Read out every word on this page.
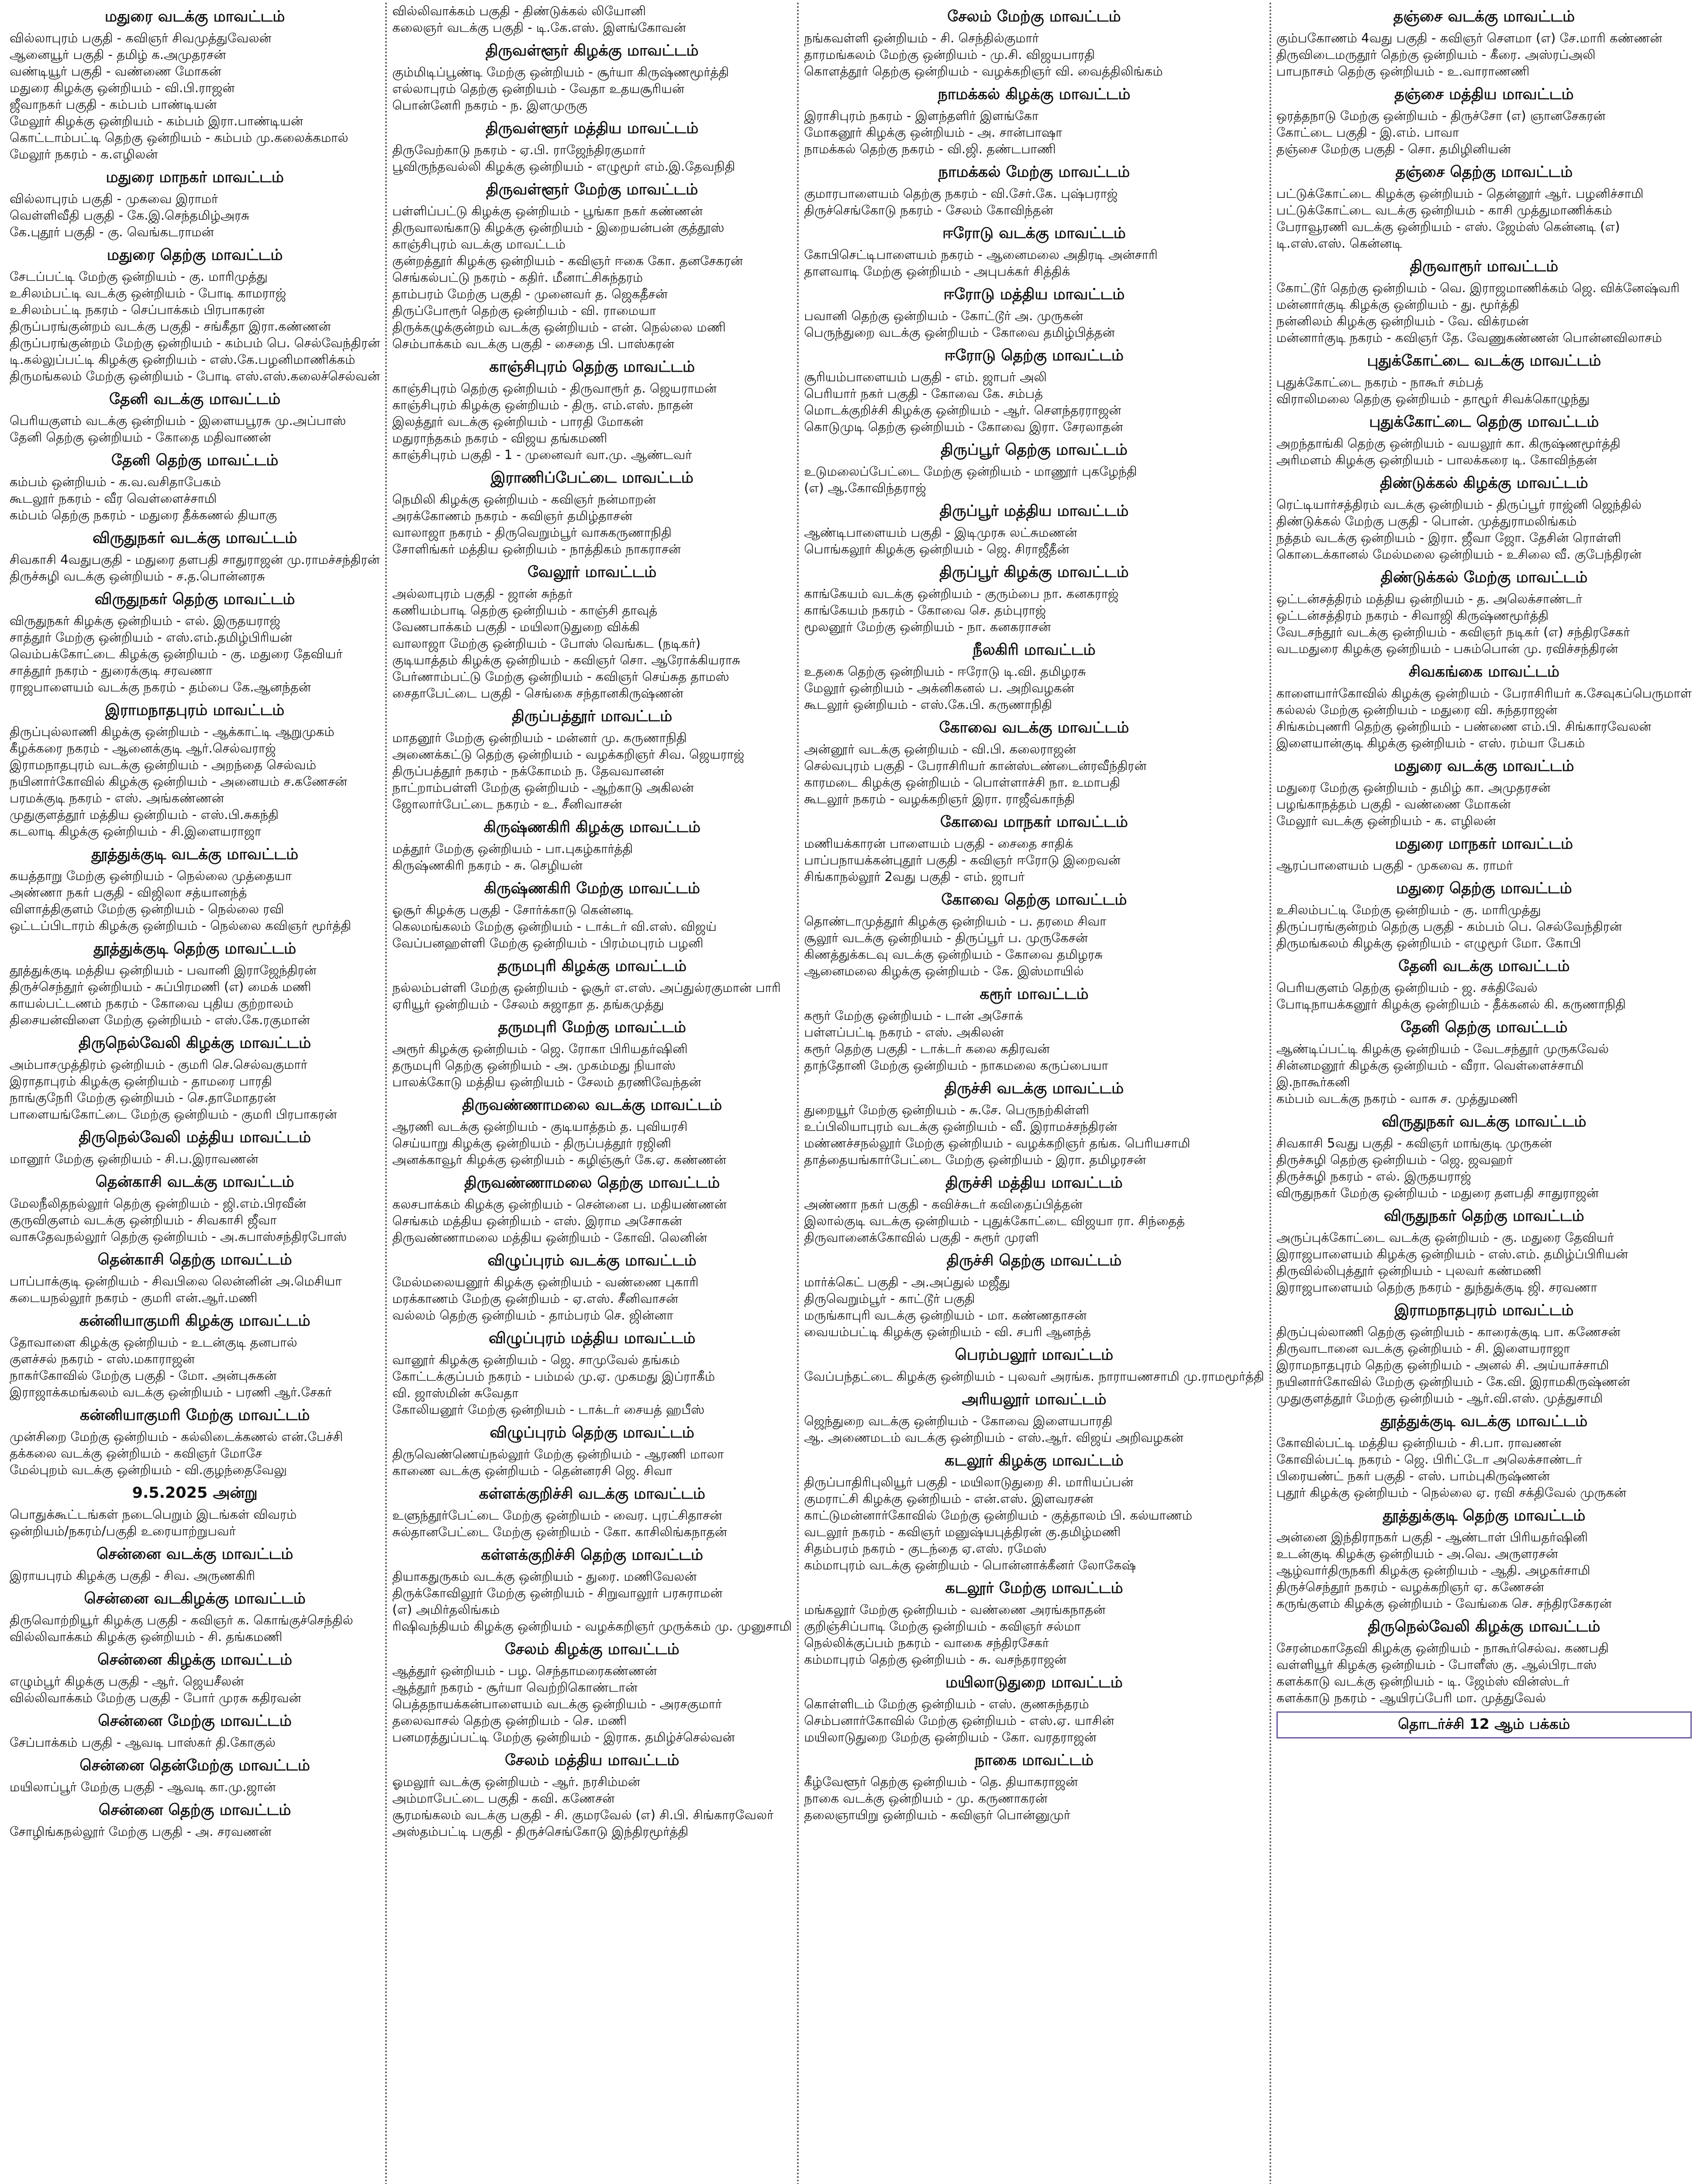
மதுரை வடக்கு மாவட்டம்
வில்லாபுரம் பகுதி - கவிஞர் சிவமுத்துவேலன்
ஆனையூர் பகுதி - தமிழ் க.அமுதரசன்
வண்டியூர் பகுதி - வண்ணை மோகன்
மதுரை கிழக்கு ஒன்றியம் - வி.பி.ராஜன்
ஜீவாநகர் பகுதி - கம்பம் பாண்டியன்
மேலூர் கிழக்கு ஒன்றியம் - கம்பம் இரா.பாண்டியன்
கொட்டாம்பட்டி தெற்கு ஒன்றியம் - கம்பம் மு.கலைக்கமால்
மேலூர் நகரம் - க.எழிலன்
மதுரை மாநகர் மாவட்டம்
வில்லாபுரம் பகுதி - முகவை இராமர்
வெள்ளிவீதி பகுதி - கே.இ.செந்தமிழ்அரசு
கே.புதூர் பகுதி - கு. வெங்கடராமன்
மதுரை தெற்கு மாவட்டம்
சேடப்பட்டி மேற்கு ஒன்றியம் - கு. மாரிமுத்து
உசிலம்பட்டி வடக்கு ஒன்றியம் - போடி காமராஜ்
உசிலம்பட்டி நகரம் - செப்பாக்கம் பிரபாகரன்
திருப்பரங்குன்றம் வடக்கு பகுதி - சங்கீதா இரா.கண்ணன்
திருப்பரங்குன்றம் மேற்கு ஒன்றியம் - கம்பம் பெ. செல்வேந்திரன்
டி.கல்லுப்பட்டி கிழக்கு ஒன்றியம் - எஸ்.கே.பழனிமாணிக்கம்
திருமங்கலம் மேற்கு ஒன்றியம் - போடி எஸ்.எஸ்.கலைச்செல்வன்
தேனி வடக்கு மாவட்டம்
பெரியகுளம் வடக்கு ஒன்றியம் - இளையபூரசு மு.அப்பாஸ்
தேனி தெற்கு ஒன்றியம் - கோதை மதிவாணன்
தேனி தெற்கு மாவட்டம்
கம்பம் ஒன்றியம் - க.வ.வசிதாபேகம்
கூடலூர் நகரம் - வீர வெள்ளைச்சாமி
கம்பம் தெற்கு நகரம் - மதுரை தீக்கணல் தியாகு
விருதுநகர் வடக்கு மாவட்டம்
சிவகாசி 4வதுபகுதி - மதுரை தளபதி சாதுராஜன் மு.ராமச்சந்திரன்
திருச்சுழி வடக்கு ஒன்றியம் - ச.த.பொன்னரசு
விருதுநகர் தெற்கு மாவட்டம்
விருதுநகர் கிழக்கு ஒன்றியம் - எல். இருதயராஜ்
சாத்தூர் மேற்கு ஒன்றியம் - எஸ்.எம்.தமிழ்பிரியன்
வெம்பக்கோட்டை கிழக்கு ஒன்றியம் - கு. மதுரை தேவியர்
சாத்தூர் நகரம் - துரைக்குடி சரவணா
ராஜபாளையம் வடக்கு நகரம் - தம்பை கே.ஆனந்தன்
இராமநாதபுரம் மாவட்டம்
திருப்புல்லாணி கிழக்கு ஒன்றியம் - ஆக்காட்டி ஆறுமுகம்
கீழக்கரை நகரம் - ஆனைக்குடி ஆர்.செல்வராஜ்
இராமநாதபுரம் வடக்கு ஒன்றியம் - அறந்தை செல்வம்
நயினார்கோவில் கிழக்கு ஒன்றியம் - அனையம் ச.கணேசன்
பரமக்குடி நகரம் - எஸ். அங்கண்ணன்
முதுகுளத்தூர் மத்திய ஒன்றியம் - எஸ்.பி.சுகந்தி
கடலாடி கிழக்கு ஒன்றியம் - சி.இளையராஜா
தூத்துக்குடி வடக்கு மாவட்டம்
கயத்தாறு மேற்கு ஒன்றியம் - நெல்லை முத்தையா
அண்ணா நகர் பகுதி - விஜிலா சத்யானந்த்
விளாத்திகுளம் மேற்கு ஒன்றியம் - நெல்லை ரவி
ஒட்டப்பிடாரம் கிழக்கு ஒன்றியம் - நெல்லை கவிஞர் மூர்த்தி
தூத்துக்குடி தெற்கு மாவட்டம்
தூத்துக்குடி மத்திய ஒன்றியம் - பவானி இராஜேந்திரன்
திருச்செந்தூர் ஒன்றியம் - சுப்பிரமணி (எ) மைக் மணி
காயல்பட்டணம் நகரம் - கோவை புதிய குற்றாலம்
திசையன்விளை மேற்கு ஒன்றியம் - எஸ்.கே.ரகுமான்
திருநெல்வேலி கிழக்கு மாவட்டம்
அம்பாசமுத்திரம் ஒன்றியம் - குமரி செ.செல்வகுமார்
இராதாபுரம் கிழக்கு ஒன்றியம் - தாமரை பாரதி
நாங்குநேரி மேற்கு ஒன்றியம் - செ.தாமோதரன்
பாளையங்கோட்டை மேற்கு ஒன்றியம் - குமரி பிரபாகரன்
திருநெல்வேலி மத்திய மாவட்டம்
மானூர் மேற்கு ஒன்றியம் - சி.ப.இராவணன்
தென்காசி வடக்கு மாவட்டம்
மேலநீலிதநல்லூர் தெற்கு ஒன்றியம் - ஜி.எம்.பிரவீன்
குருவிகுளம் வடக்கு ஒன்றியம் - சிவகாசி ஜீவா
வாசுதேவநல்லூர் தெற்கு ஒன்றியம் - அ.சுபாஸ்சந்திரபோஸ்
தென்காசி தெற்கு மாவட்டம்
பாப்பாக்குடி ஒன்றியம் - சிவபிலை லென்னின் அ.மெசியா
கடையநல்லூர் நகரம் - குமரி என்.ஆர்.மணி
கன்னியாகுமரி கிழக்கு மாவட்டம்
தோவாளை கிழக்கு ஒன்றியம் - உடன்குடி தனபால்
குளச்சல் நகரம் - எஸ்.மகாராஜன்
நாகர்கோவில் மேற்கு பகுதி - மோ. அன்புசுகன்
இராஜாக்கமங்கலம் வடக்கு ஒன்றியம் - பரணி ஆர்.சேகர்
கன்னியாகுமரி மேற்கு மாவட்டம்
முன்சிறை மேற்கு ஒன்றியம் - கல்லிடைக்கணல் என்.பேச்சி
தக்கலை வடக்கு ஒன்றியம் - கவிஞர் மோசே
மேல்புறம் வடக்கு ஒன்றியம் - வி.குழந்தைவேலு
9.5.2025 அன்று
பொதுக்கூட்டங்கள் நடைபெறும் இடங்கள் விவரம்
ஒன்றியம்/நகரம்/பகுதி உரையாற்றுபவர்
சென்னை வடக்கு மாவட்டம்
இராயபுரம் கிழக்கு பகுதி - சிவ. அருணகிரி
சென்னை வடகிழக்கு மாவட்டம்
திருவொற்றியூர் கிழக்கு பகுதி - கவிஞர் க. கொங்குச்செந்தில்
வில்லிவாக்கம் கிழக்கு ஒன்றியம் - சி. தங்கமணி
சென்னை கிழக்கு மாவட்டம்
எழும்பூர் கிழக்கு பகுதி - ஆர். ஜெயசீலன்
வில்லிவாக்கம் மேற்கு பகுதி - போர் முரசு கதிரவன்
சென்னை மேற்கு மாவட்டம்
சேப்பாக்கம் பகுதி - ஆவடி பாஸ்கர் தி.கோகுல்
சென்னை தென்மேற்கு மாவட்டம்
மயிலாப்பூர் மேற்கு பகுதி - ஆவடி கா.மு.ஜான்
சென்னை தெற்கு மாவட்டம்
சோழிங்கநல்லூர் மேற்கு பகுதி - அ. சரவணன்
வில்லிவாக்கம் பகுதி - திண்டுக்கல் லியோனி
கலைஞர் வடக்கு பகுதி - டி.கே.எஸ். இளங்கோவன்
திருவள்ளூர் கிழக்கு மாவட்டம்
கும்மிடிப்பூண்டி மேற்கு ஒன்றியம் - சூர்யா கிருஷ்ணமூர்த்தி
எல்லாபுரம் தெற்கு ஒன்றியம் - வேதா உதயசூரியன்
பொன்னேரி நகரம் - ந. இளமுருகு
திருவள்ளூர் மத்திய மாவட்டம்
திருவேற்காடு நகரம் - ஏ.பி. ராஜேந்திரகுமார்
பூவிருந்தவல்லி கிழக்கு ஒன்றியம் - எழுமூர் எம்.இ.தேவநிதி
திருவள்ளூர் மேற்கு மாவட்டம்
பள்ளிப்பட்டு கிழக்கு ஒன்றியம் - பூங்கா நகர் கண்ணன்
திருவாலங்காடு கிழக்கு ஒன்றியம் - இறையன்பன் குத்தூஸ்
காஞ்சிபுரம் வடக்கு மாவட்டம்
குன்றத்தூர் கிழக்கு ஒன்றியம் - கவிஞர் ஈகை கோ. தனசேகரன்
செங்கல்பட்டு நகரம் - கதிர். மீனாட்சிசுந்தரம்
தாம்பரம் மேற்கு பகுதி - முனைவர் த. ஜெகதீசன்
திருப்போரூர் தெற்கு ஒன்றியம் - வி. ராமையா
திருக்கழுக்குன்றம் வடக்கு ஒன்றியம் - என். நெல்லை மணி
செம்பாக்கம் வடக்கு பகுதி - சைதை பி. பாஸ்கரன்
காஞ்சிபுரம் தெற்கு மாவட்டம்
காஞ்சிபுரம் தெற்கு ஒன்றியம் - திருவாரூர் த. ஜெயராமன்
காஞ்சிபுரம் கிழக்கு ஒன்றியம் - திரு. எம்.எஸ். நாதன்
இலத்தூர் வடக்கு ஒன்றியம் - பாரதி மோகன்
மதுராந்தகம் நகரம் - விஜய தங்கமணி
காஞ்சிபுரம் பகுதி - 1 - முனைவர் வா.மு. ஆண்டவர்
இராணிப்பேட்டை மாவட்டம்
நெமிலி கிழக்கு ஒன்றியம் - கவிஞர் நன்மாறன்
அரக்கோணம் நகரம் - கவிஞர் தமிழ்தாசன்
வாலாஜா நகரம் - திருவெறும்பூர் வாசுகருணாநிதி
சோளிங்கர் மத்திய ஒன்றியம் - நாத்திகம் நாகராசன்
வேலூர் மாவட்டம்
அல்லாபுரம் பகுதி - ஜான் சுந்தர்
கணியம்பாடி தெற்கு ஒன்றியம் - காஞ்சி தாவுத்
வேணபாக்கம் பகுதி - மயிலாடுதுறை விக்கி
வாலாஜா மேற்கு ஒன்றியம் - போஸ் வெங்கட (நடிகர்)
குடியாத்தம் கிழக்கு ஒன்றியம் - கவிஞர் சொ. ஆரோக்கியராசு
பேர்ணாம்பட்டு மேற்கு ஒன்றியம் - கவிஞர் செய்சுத தாமஸ்
சைதாபேட்டை பகுதி - செங்கை சந்தானகிருஷ்ணன்
திருப்பத்தூர் மாவட்டம்
மாதனூர் மேற்கு ஒன்றியம் - மன்னர் மு. கருணாநிதி
அணைக்கட்டு தெற்கு ஒன்றியம் - வழக்கறிஞர் சிவ. ஜெயராஜ்
திருப்பத்தூர் நகரம் - நக்கோமம் ந. தேவவானன்
நாட்றாம்பள்ளி மேற்கு ஒன்றியம் - ஆற்காடு அகிலன்
ஜோலார்பேட்டை நகரம் - உ. சீனிவாசன்
கிருஷ்ணகிரி கிழக்கு மாவட்டம்
மத்தூர் மேற்கு ஒன்றியம் - பா.புகழ்கார்த்தி
கிருஷ்ணகிரி நகரம் - சு. செழியன்
கிருஷ்ணகிரி மேற்கு மாவட்டம்
ஓசூர் கிழக்கு பகுதி - சோர்க்காடு கென்னடி
கெலமங்கலம் மேற்கு ஒன்றியம் - டாக்டர் வி.எஸ். விஜய்
வேப்பனஹள்ளி மேற்கு ஒன்றியம் - பிரம்மபுரம் பழனி
தருமபுரி கிழக்கு மாவட்டம்
நல்லம்பள்ளி மேற்கு ஒன்றியம் - ஓசூர் எ.எஸ். அப்துல்ரகுமான் பாரி
ஏரியூர் ஒன்றியம் - சேலம் சுஜாதா த. தங்கமுத்து
தருமபுரி மேற்கு மாவட்டம்
அரூர் கிழக்கு ஒன்றியம் - ஜெ. ரோகா பிரியதர்ஷினி
தருமபுரி தெற்கு ஒன்றியம் - அ. முகம்மது நியாஸ்
பாலக்கோடு மத்திய ஒன்றியம் - சேலம் தரணிவேந்தன்
திருவண்ணாமலை வடக்கு மாவட்டம்
ஆரணி வடக்கு ஒன்றியம் - குடியாத்தம் த. புவியரசி
செய்யாறு கிழக்கு ஒன்றியம் - திருப்பத்தூர் ரஜினி
அனக்காவூர் கிழக்கு ஒன்றியம் - கழிஞ்சூர் கே.ஏ. கண்ணன்
திருவண்ணாமலை தெற்கு மாவட்டம்
கலசபாக்கம் கிழக்கு ஒன்றியம் - சென்னை ப. மதியண்ணன்
செங்கம் மத்திய ஒன்றியம் - எஸ். இராம அசோகன்
திருவண்ணாமலை மத்திய ஒன்றியம் - கோவி. லெனின்
விழுப்புரம் வடக்கு மாவட்டம்
மேல்மலையனூர் கிழக்கு ஒன்றியம் - வண்ணை புகாரி
மரக்காணம் மேற்கு ஒன்றியம் - ஏ.எஸ். சீனிவாசன்
வல்லம் தெற்கு ஒன்றியம் - தாம்பரம் செ. ஜின்னா
விழுப்புரம் மத்திய மாவட்டம்
வானூர் கிழக்கு ஒன்றியம் - ஜெ. சாமுவேல் தங்கம்
கோட்டக்குப்பம் நகரம் - பம்மல் மு.ஏ. முகமது இப்ராகீம்
வி. ஜாஸ்மின் சுவேதா
கோலியனூர் மேற்கு ஒன்றியம் - டாக்டர் சையத் ஹபீஸ்
விழுப்புரம் தெற்கு மாவட்டம்
திருவெண்ணெய்நல்லூர் மேற்கு ஒன்றியம் - ஆரணி மாலா
காணை வடக்கு ஒன்றியம் - தென்னரசி ஜெ. சிவா
கள்ளக்குறிச்சி வடக்கு மாவட்டம்
உளுந்தூர்பேட்டை மேற்கு ஒன்றியம் - வைர. புரட்சிதாசன்
சுல்தானபேட்டை மேற்கு ஒன்றியம் - கோ. காசிலிங்கநாதன்
கள்ளக்குறிச்சி தெற்கு மாவட்டம்
தியாகதுருகம் வடக்கு ஒன்றியம் - துரை. மணிவேலன்
திருக்கோவிலூர் மேற்கு ஒன்றியம் - சிறுவாலூர் பரசுராமன்
(எ) அமிர்தலிங்கம்
ரிஷிவந்தியம் கிழக்கு ஒன்றியம் - வழக்கறிஞர் முருக்கம் மு. முனுசாமி
சேலம் கிழக்கு மாவட்டம்
ஆத்தூர் ஒன்றியம் - பழ. செந்தாமரைகண்ணன்
ஆத்தூர் நகரம் - சூர்யா வெற்றிகொண்டான்
பெத்தநாயக்கன்பாளையம் வடக்கு ஒன்றியம் - அரசகுமார்
தலைவாசல் தெற்கு ஒன்றியம் - செ. மணி
பனமரத்துப்பட்டி மேற்கு ஒன்றியம் - இராக. தமிழ்ச்செல்வன்
சேலம் மத்திய மாவட்டம்
ஓமலூர் வடக்கு ஒன்றியம் - ஆர். நரசிம்மன்
அம்மாபேட்டை பகுதி - கவி. கணேசன்
சூரமங்கலம் வடக்கு பகுதி - சி. குமரவேல் (எ) சி.பி. சிங்காரவேலர்
அஸ்தம்பட்டி பகுதி - திருச்செங்கோடு இந்திரமூர்த்தி
சேலம் மேற்கு மாவட்டம்
நங்கவள்ளி ஒன்றியம் - சி. செந்தில்குமார்
தாரமங்கலம் மேற்கு ஒன்றியம் - மு.சி. விஜயபாரதி
கொளத்தூர் தெற்கு ஒன்றியம் - வழக்கறிஞர் வி. வைத்திலிங்கம்
நாமக்கல் கிழக்கு மாவட்டம்
இராசிபுரம் நகரம் - இளந்தளிர் இளங்கோ
மோகனூர் கிழக்கு ஒன்றியம் - அ. சான்பாஷா
நாமக்கல் தெற்கு நகரம் - வி.ஜி. தண்டபாணி
நாமக்கல் மேற்கு மாவட்டம்
குமாரபாளையம் தெற்கு நகரம் - வி.சேர்.கே. புஷ்பராஜ்
திருச்செங்கோடு நகரம் - சேலம் கோவிந்தன்
ஈரோடு வடக்கு மாவட்டம்
கோபிசெட்டிபாளையம் நகரம் - ஆனைமலை அதிரடி அன்சாரி
தாளவாடி மேற்கு ஒன்றியம் - அபுபக்கர் சித்திக்
ஈரோடு மத்திய மாவட்டம்
பவானி தெற்கு ஒன்றியம் - கோட்டூர் அ. முருகன்
பெருந்துறை வடக்கு ஒன்றியம் - கோவை தமிழ்பித்தன்
ஈரோடு தெற்கு மாவட்டம்
சூரியம்பாளையம் பகுதி - எம். ஜாபர் அலி
பெரியார் நகர் பகுதி - கோவை கே. சம்பத்
மொடக்குறிச்சி கிழக்கு ஒன்றியம் - ஆர். சௌந்தரராஜன்
கொடுமுடி தெற்கு ஒன்றியம் - கோவை இரா. சேரலாதன்
திருப்பூர் தெற்கு மாவட்டம்
உடுமலைப்பேட்டை மேற்கு ஒன்றியம் - மாணூர் புகழேந்தி
(எ) ஆ.கோவிந்தராஜ்
திருப்பூர் மத்திய மாவட்டம்
ஆண்டிபாளையம் பகுதி - இடிமுரசு லட்சுமணன்
பொங்கலூர் கிழக்கு ஒன்றியம் - ஜெ. சிராஜீதீன்
திருப்பூர் கிழக்கு மாவட்டம்
காங்கேயம் வடக்கு ஒன்றியம் - குரும்பை நா. கனகராஜ்
காங்கேயம் நகரம் - கோவை செ. தம்புராஜ்
மூலனூர் மேற்கு ஒன்றியம் - நா. கனகராசன்
நீலகிரி மாவட்டம்
உதகை தெற்கு ஒன்றியம் - ஈரோடு டி.வி. தமிழரசு
மேலூர் ஒன்றியம் - அக்னிகனல் ப. அறிவழகன்
கூடலூர் ஒன்றியம் - எஸ்.கே.பி. கருணாநிதி
கோவை வடக்கு மாவட்டம்
அன்னூர் வடக்கு ஒன்றியம் - வி.பி. கலைராஜன்
செல்வபுரம் பகுதி - பேராசிரியர் கான்ஸ்டண்டைன்ரவீந்திரன்
காரமடை கிழக்கு ஒன்றியம் - பொள்ளாச்சி நா. உமாபதி
கூடலூர் நகரம் - வழக்கறிஞர் இரா. ராஜீவ்காந்தி
கோவை மாநகர் மாவட்டம்
மணியக்காரன் பாளையம் பகுதி - சைதை சாதிக்
பாப்பநாயக்கன்புதூர் பகுதி - கவிஞர் ஈரோடு இறைவன்
சிங்காநல்லூர் 2வது பகுதி - எம். ஜாபர்
கோவை தெற்கு மாவட்டம்
தொண்டாமுத்தூர் கிழக்கு ஒன்றியம் - ப. தரமை சிவா
சூலூர் வடக்கு ஒன்றியம் - திருப்பூர் ப. முருகேசன்
கிணத்துக்கடவு வடக்கு ஒன்றியம் - கோவை தமிழரசு
ஆனைமலை கிழக்கு ஒன்றியம் - கே. இஸ்மாயில்
கரூர் மாவட்டம்
கரூர் மேற்கு ஒன்றியம் - டான் அசோக்
பள்ளப்பட்டி நகரம் - எஸ். அகிலன்
கரூர் தெற்கு பகுதி - டாக்டர் கலை கதிரவன்
தாந்தோனி மேற்கு ஒன்றியம் - நாகமலை கருப்பையா
திருச்சி வடக்கு மாவட்டம்
துறையூர் மேற்கு ஒன்றியம் - சு.சே. பெருநற்கிள்ளி
உப்பிலியாபுரம் வடக்கு ஒன்றியம் - வீ. இராமச்சந்திரன்
மண்ணச்சநல்லூர் மேற்கு ஒன்றியம் - வழக்கறிஞர் தங்க. பெரியசாமி
தாத்தையங்கார்பேட்டை மேற்கு ஒன்றியம் - இரா. தமிழரசன்
திருச்சி மத்திய மாவட்டம்
அண்ணா நகர் பகுதி - கவிச்சுடர் கவிதைப்பித்தன்
இலால்குடி வடக்கு ஒன்றியம் - புதுக்கோட்டை விஜயா ரா. சிந்தைத்
திருவானைக்கோவில் பகுதி - சுரூர் முரளி
திருச்சி தெற்கு மாவட்டம்
மார்க்கெட் பகுதி - அ.அப்துல் மஜீது
திருவெறும்பூர் - காட்டூர் பகுதி
மருங்காபுரி வடக்கு ஒன்றியம் - மா. கண்ணதாசன்
வையம்பட்டி கிழக்கு ஒன்றியம் - வி. சபரி ஆனந்த்
பெரம்பலூர் மாவட்டம்
வேப்பந்தட்டை கிழக்கு ஒன்றியம் - புலவர் அரங்க. நாராயணசாமி மு.ராமமூர்த்தி
அரியலூர் மாவட்டம்
ஜெந்துறை வடக்கு ஒன்றியம் - கோவை இளையபாரதி
ஆ. அணைமடம் வடக்கு ஒன்றியம் - எஸ்.ஆர். விஜய் அறிவழகன்
கடலூர் கிழக்கு மாவட்டம்
திருப்பாதிரிபுலியூர் பகுதி - மயிலாடுதுறை சி. மாரியப்பன்
குமராட்சி கிழக்கு ஒன்றியம் - என்.எஸ். இளவரசன்
காட்டுமன்னார்கோவில் மேற்கு ஒன்றியம் - குத்தாலம் பி. கல்யாணம்
வடலூர் நகரம் - கவிஞர் மனுஷ்யபுத்திரன் கு.தமிழ்மணி
சிதம்பரம் நகரம் - குடந்தை ஏ.எஸ். ரமேஸ்
கம்மாபுரம் வடக்கு ஒன்றியம் - பொன்னாக்கீனர் லோகேஷ்
கடலூர் மேற்கு மாவட்டம்
மங்கலூர் மேற்கு ஒன்றியம் - வண்ணை அரங்கநாதன்
குறிஞ்சிப்பாடி மேற்கு ஒன்றியம் - கவிஞர் சல்மா
நெல்லிக்குப்பம் நகரம் - வாகை சந்திரசேகர்
கம்மாபுரம் தெற்கு ஒன்றியம் - சு. வசந்தராஜன்
மயிலாடுதுறை மாவட்டம்
கொள்ளிடம் மேற்கு ஒன்றியம் - எஸ். குணசுந்தரம்
செம்பனார்கோவில் மேற்கு ஒன்றியம் - எஸ்.ஏ. யாசின்
மயிலாடுதுறை மேற்கு ஒன்றியம் - கோ. வரதராஜன்
நாகை மாவட்டம்
கீழ்வேளூர் தெற்கு ஒன்றியம் - தெ. தியாகராஜன்
நாகை வடக்கு ஒன்றியம் - மு. கருணாகரன்
தலைஞாயிறு ஒன்றியம் - கவிஞர் பொன்னுமுர்
தஞ்சை வடக்கு மாவட்டம்
கும்பகோணம் 4வது பகுதி - கவிஞர் சௌமா (எ) சே.மாரி கண்ணன்
திருவிடைமருதூர் தெற்கு ஒன்றியம் - கீரை. அஸ்ரப்அலி
பாபநாசம் தெற்கு ஒன்றியம் - உ.வாராணணி
தஞ்சை மத்திய மாவட்டம்
ஒரத்தநாடு மேற்கு ஒன்றியம் - திருச்சோ (எ) ஞானசேகரன்
கோட்டை பகுதி - இ.எம். பாவா
தஞ்சை மேற்கு பகுதி - சொ. தமிழினியன்
தஞ்சை தெற்கு மாவட்டம்
பட்டுக்கோட்டை கிழக்கு ஒன்றியம் - தென்னூர் ஆர். பழனிச்சாமி
பட்டுக்கோட்டை வடக்கு ஒன்றியம் - காசி முத்துமாணிக்கம்
பேராவூரணி வடக்கு ஒன்றியம் - எஸ். ஜேம்ஸ் கென்னடி (எ)
டி.எஸ்.எஸ். கென்னடி
திருவாரூர் மாவட்டம்
கோட்டூர் தெற்கு ஒன்றியம் - வெ. இராஜமாணிக்கம் ஜெ. விக்னேஷ்வரி
மன்னார்குடி கிழக்கு ஒன்றியம் - து. மூர்த்தி
நன்னிலம் கிழக்கு ஒன்றியம் - வே. விக்ரமன்
மன்னார்குடி நகரம் - கவிஞர் தே. வேணுகண்ணன் பொன்னவிலாசம்
புதுக்கோட்டை வடக்கு மாவட்டம்
புதுக்கோட்டை நகரம் - நாகூர் சம்பத்
விராலிமலை தெற்கு ஒன்றியம் - தாழூர் சிவக்கொழுந்து
புதுக்கோட்டை தெற்கு மாவட்டம்
அறந்தாங்கி தெற்கு ஒன்றியம் - வயலூர் கா. கிருஷ்ணமூர்த்தி
அரிமளம் கிழக்கு ஒன்றியம் - பாலக்கரை டி. கோவிந்தன்
திண்டுக்கல் கிழக்கு மாவட்டம்
ரெட்டியார்சத்திரம் வடக்கு ஒன்றியம் - திருப்பூர் ராஜ்னி ஜெந்தில்
திண்டுக்கல் மேற்கு பகுதி - பொன். முத்துராமலிங்கம்
நத்தம் வடக்கு ஒன்றியம் - இரா. ஜீவா ஜோ. தேசின் ரொள்ளி
கொடைக்கானல் மேல்மலை ஒன்றியம் - உசிலை வீ. குபேந்திரன்
திண்டுக்கல் மேற்கு மாவட்டம்
ஒட்டன்சத்திரம் மத்திய ஒன்றியம் - த. அலெக்சாண்டர்
ஒட்டன்சத்திரம் நகரம் - சிவாஜி கிருஷ்ணமூர்த்தி
வேடசந்தூர் வடக்கு ஒன்றியம் - கவிஞர் நடிகர் (எ) சந்திரசேகர்
வடமதுரை கிழக்கு ஒன்றியம் - பசும்பொன் மு. ரவிச்சந்திரன்
சிவகங்கை மாவட்டம்
காளையார்கோவில் கிழக்கு ஒன்றியம் - பேராசிரியர் க.சேவுகப்பெருமாள்
கல்லல் மேற்கு ஒன்றியம் - மதுரை வி. சுந்தராஜன்
சிங்கம்புணரி தெற்கு ஒன்றியம் - பண்ணை எம்.பி. சிங்காரவேலன்
இளையான்குடி கிழக்கு ஒன்றியம் - எஸ். ரம்யா பேகம்
மதுரை வடக்கு மாவட்டம்
மதுரை மேற்கு ஒன்றியம் - தமிழ் கா. அமுதரசன்
பழங்காநத்தம் பகுதி - வண்ணை மோகன்
மேலூர் வடக்கு ஒன்றியம் - க. எழிலன்
மதுரை மாநகர் மாவட்டம்
ஆரப்பாளையம் பகுதி - முகவை க. ராமர்
மதுரை தெற்கு மாவட்டம்
உசிலம்பட்டி மேற்கு ஒன்றியம் - கு. மாரிமுத்து
திருப்பரங்குன்றம் தெற்கு பகுதி - கம்பம் பெ. செல்வேந்திரன்
திருமங்கலம் கிழக்கு ஒன்றியம் - எழுமூர் மோ. கோபி
தேனி வடக்கு மாவட்டம்
பெரியகுளம் தெற்கு ஒன்றியம் - ஜ. சக்திவேல்
போடிநாயக்கனூர் கிழக்கு ஒன்றியம் - தீக்கனல் கி. கருணாநிதி
தேனி தெற்கு மாவட்டம்
ஆண்டிப்பட்டி கிழக்கு ஒன்றியம் - வேடசந்தூர் முருகவேல்
சின்னமனூர் கிழக்கு ஒன்றியம் - வீரா. வெள்ளைச்சாமி
இ.நாகூர்கனி
கம்பம் வடக்கு நகரம் - வாசு ச. முத்துமணி
விருதுநகர் வடக்கு மாவட்டம்
சிவகாசி 5வது பகுதி - கவிஞர் மாங்குடி முருகன்
திருச்சுழி தெற்கு ஒன்றியம் - ஜெ. ஜவஹர்
திருச்சுழி நகரம் - எல். இருதயராஜ்
விருதுநகர் மேற்கு ஒன்றியம் - மதுரை தளபதி சாதுராஜன்
விருதுநகர் தெற்கு மாவட்டம்
அருப்புக்கோட்டை வடக்கு ஒன்றியம் - கு. மதுரை தேவியர்
இராஜபாளையம் கிழக்கு ஒன்றியம் - எஸ்.எம். தமிழ்ப்பிரியன்
திருவில்லிபுத்தூர் ஒன்றியம் - புலவர் கண்மணி
இராஜபாளையம் தெற்கு நகரம் - துந்துக்குடி ஜி. சரவணா
இராமநாதபுரம் மாவட்டம்
திருப்புல்லாணி தெற்கு ஒன்றியம் - காரைக்குடி பா. கணேசன்
திருவாடானை வடக்கு ஒன்றியம் - சி. இளையராஜா
இராமநாதபுரம் தெற்கு ஒன்றியம் - அனல் சி. அய்யாச்சாமி
நயினார்கோவில் மேற்கு ஒன்றியம் - கே.வி. இராமகிருஷ்ணன்
முதுகுளத்தூர் மேற்கு ஒன்றியம் - ஆர்.வி.எஸ். முத்துசாமி
தூத்துக்குடி வடக்கு மாவட்டம்
கோவில்பட்டி மத்திய ஒன்றியம் - சி.பா. ராவணன்
கோவில்பட்டி நகரம் - ஜெ. பிரிட்டோ அலெக்சாண்டர்
பிரையண்ட் நகர் பகுதி - எஸ். பாம்புகிருஷ்ணன்
புதூர் கிழக்கு ஒன்றியம் - நெல்லை ஏ. ரவி சக்திவேல் முருகன்
தூத்துக்குடி தெற்கு மாவட்டம்
அன்னை இந்திராநகர் பகுதி - ஆண்டாள் பிரியதர்ஷினி
உடன்குடி கிழக்கு ஒன்றியம் - அ.வெ. அருளரசன்
ஆழ்வார்திருநகரி கிழக்கு ஒன்றியம் - ஆதி. அழகர்சாமி
திருச்செந்தூர் நகரம் - வழக்கறிஞர் ஏ. கணேசன்
கருங்குளம் கிழக்கு ஒன்றியம் - வேங்கை செ. சந்திரசேகரன்
திருநெல்வேலி கிழக்கு மாவட்டம்
சேரன்மகாதேவி கிழக்கு ஒன்றியம் - நாகூர்செல்வ. கணபதி
வள்ளியூர் கிழக்கு ஒன்றியம் - போளீஸ் கு. ஆல்பிரடாஸ்
களக்காடு வடக்கு ஒன்றியம் - டி. ஜேம்ஸ் வின்ஸ்டர்
களக்காடு நகரம் - ஆயிரப்பேரி மா. முத்துவேல்
தொடர்ச்சி 12 ஆம் பக்கம்
